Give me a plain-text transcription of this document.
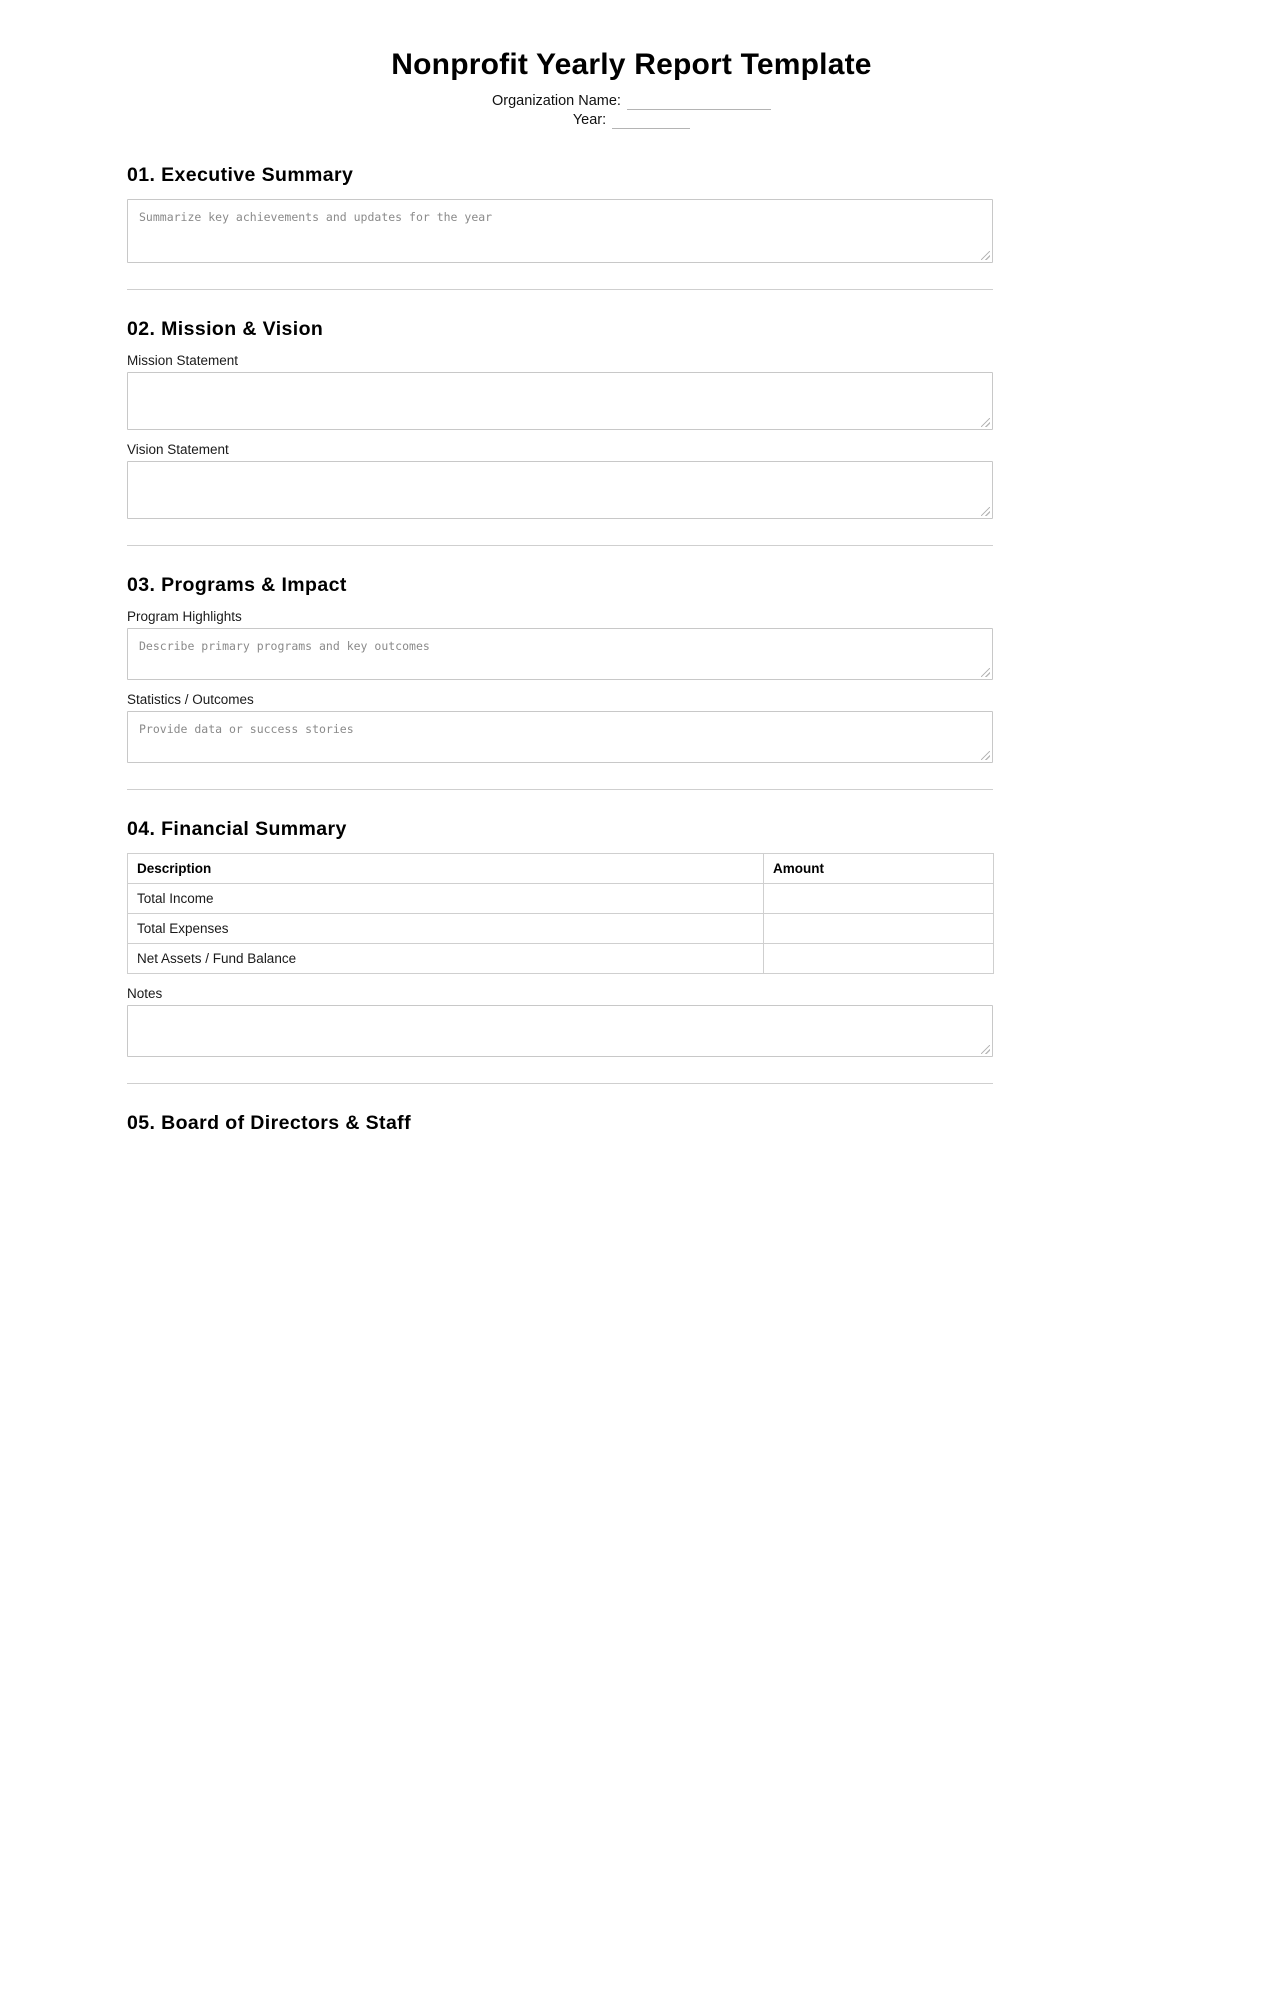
Nonprofit Yearly Report Template
Organization Name:
Year:
01. Executive Summary
Summarize key achievements and updates for the year
02. Mission & Vision
Mission Statement
Vision Statement
03. Programs & Impact
Program Highlights
Describe primary programs and key outcomes
Statistics / Outcomes
Provide data or success stories
04. Financial Summary
Description	Amount
Total Income	
Total Expenses	
Net Assets / Fund Balance	
Notes
05. Board of Directors & Staff
